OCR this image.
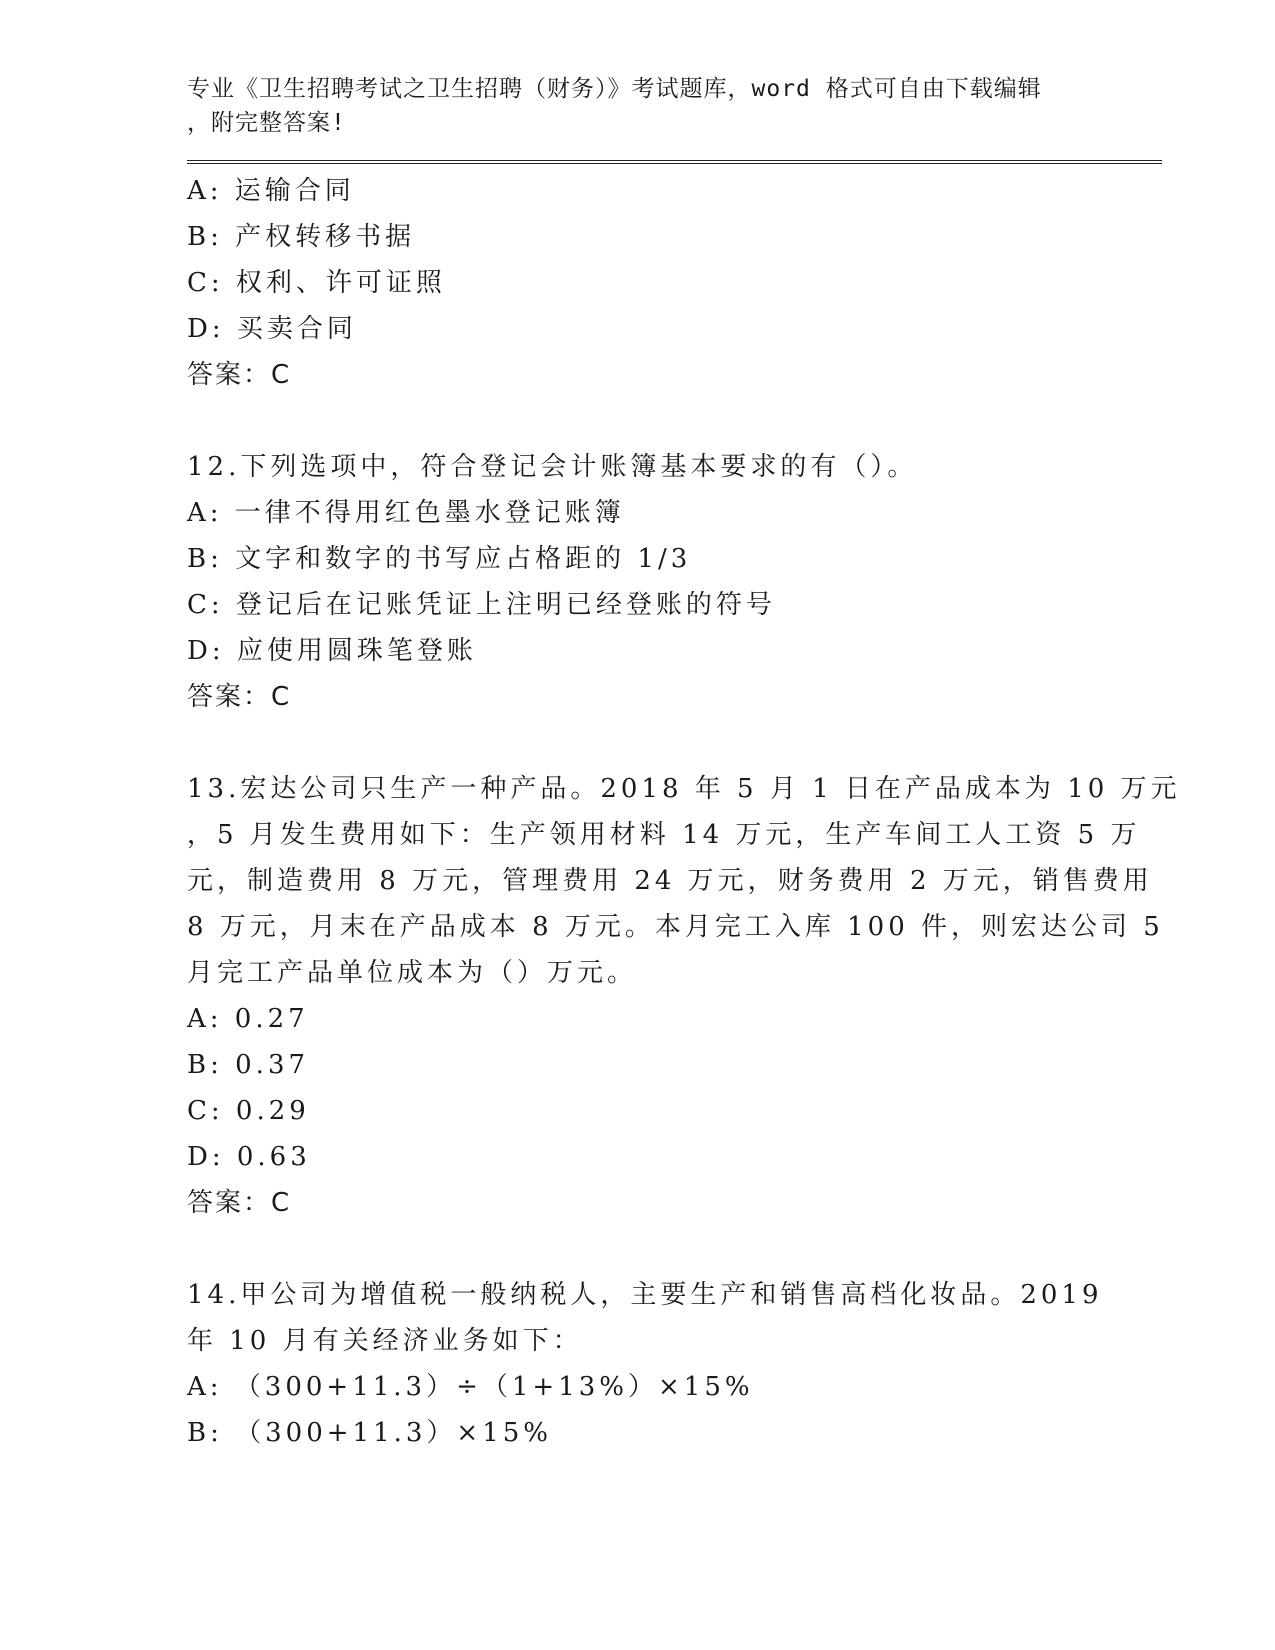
专业《卫生招聘考试之卫生招聘（财务）》考试题库，word 格式可自由下载编辑
，附完整答案!
A: 运输合同
B: 产权转移书据
C: 权利、许可证照
D: 买卖合同
答案：C
12.下列选项中，符合登记会计账簿基本要求的有（）。
A: 一律不得用红色墨水登记账簿
B: 文字和数字的书写应占格距的 1/3
C: 登记后在记账凭证上注明已经登账的符号
D: 应使用圆珠笔登账
答案：C
13.宏达公司只生产一种产品。2018 年 5 月 1 日在产品成本为 10 万元
，5 月发生费用如下：生产领用材料 14 万元，生产车间工人工资 5 万
元，制造费用 8 万元，管理费用 24 万元，财务费用 2 万元，销售费用
8 万元，月末在产品成本 8 万元。本月完工入库 100 件，则宏达公司 5
月完工产品单位成本为（）万元。
A: 0.27
B: 0.37
C: 0.29
D: 0.63
答案：C
14.甲公司为增值税一般纳税人，主要生产和销售高档化妆品。2019
年 10 月有关经济业务如下：
A: （300+11.3）÷（1+13%）×15%
B: （300+11.3）×15%
